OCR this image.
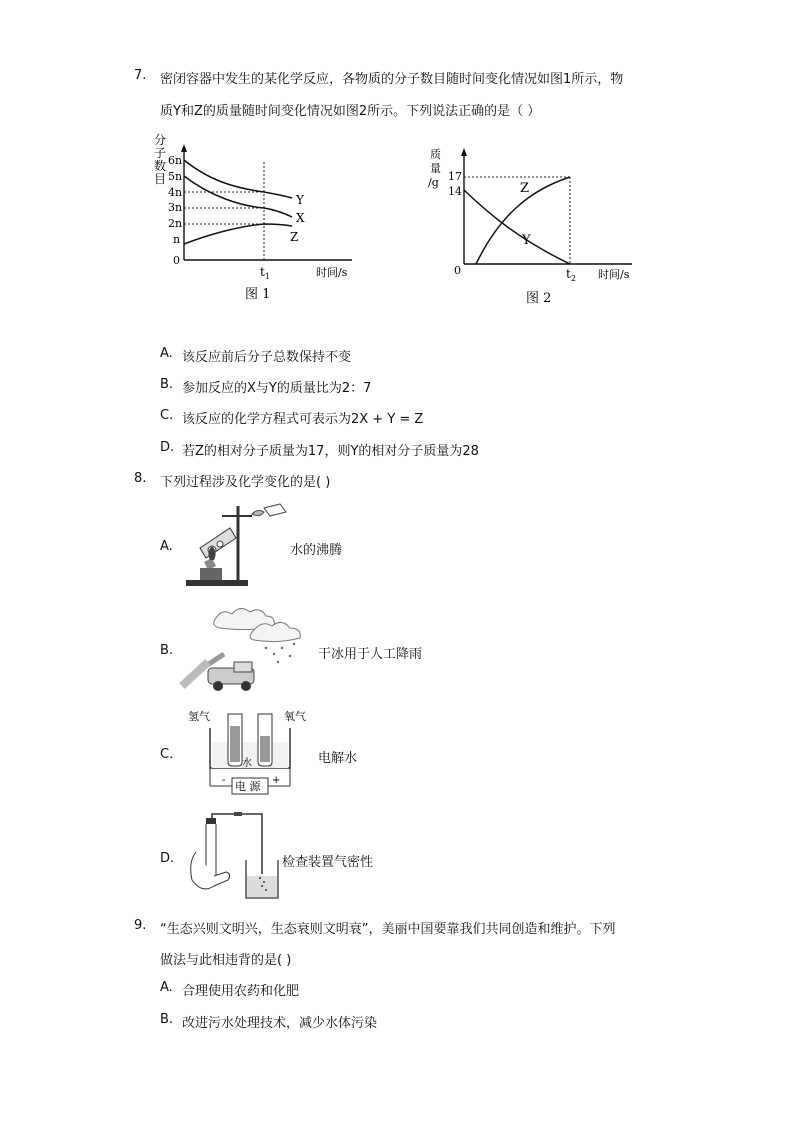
7. 密闭容器中发生的某化学反应，各物质的分子数目随时间变化情况如图1所示，物
质Y和Z的质量随时间变化情况如图2所示。下列说法正确的是（ ）
分
子
数
目
6n
5n
4n
3n
2n
n
0
Y
X
Z
$t_1$	时间/s
图 1
质
量
/g 17
14
0
Z
Y
$t_2$ 时间/s
图 2
A. 该反应前后分子总数保持不变
B. 参加反应的X与Y的质量比为2：7
C. 该反应的化学方程式可表示为2X + Y = Z
D. 若Z的相对分子质量为17，则Y的相对分子质量为28
8. 下列过程涉及化学变化的是( )
A.	水的沸腾
B.	干冰用于人工降雨
C.
氢气	氧气
水
电 源
-	+
电解水
D.	检查装置气密性
9. “生态兴则文明兴，生态衰则文明衰”，美丽中国要靠我们共同创造和维护。下列
做法与此相违背的是( )
A. 合理使用农药和化肥
B. 改进污水处理技术，减少水体污染
